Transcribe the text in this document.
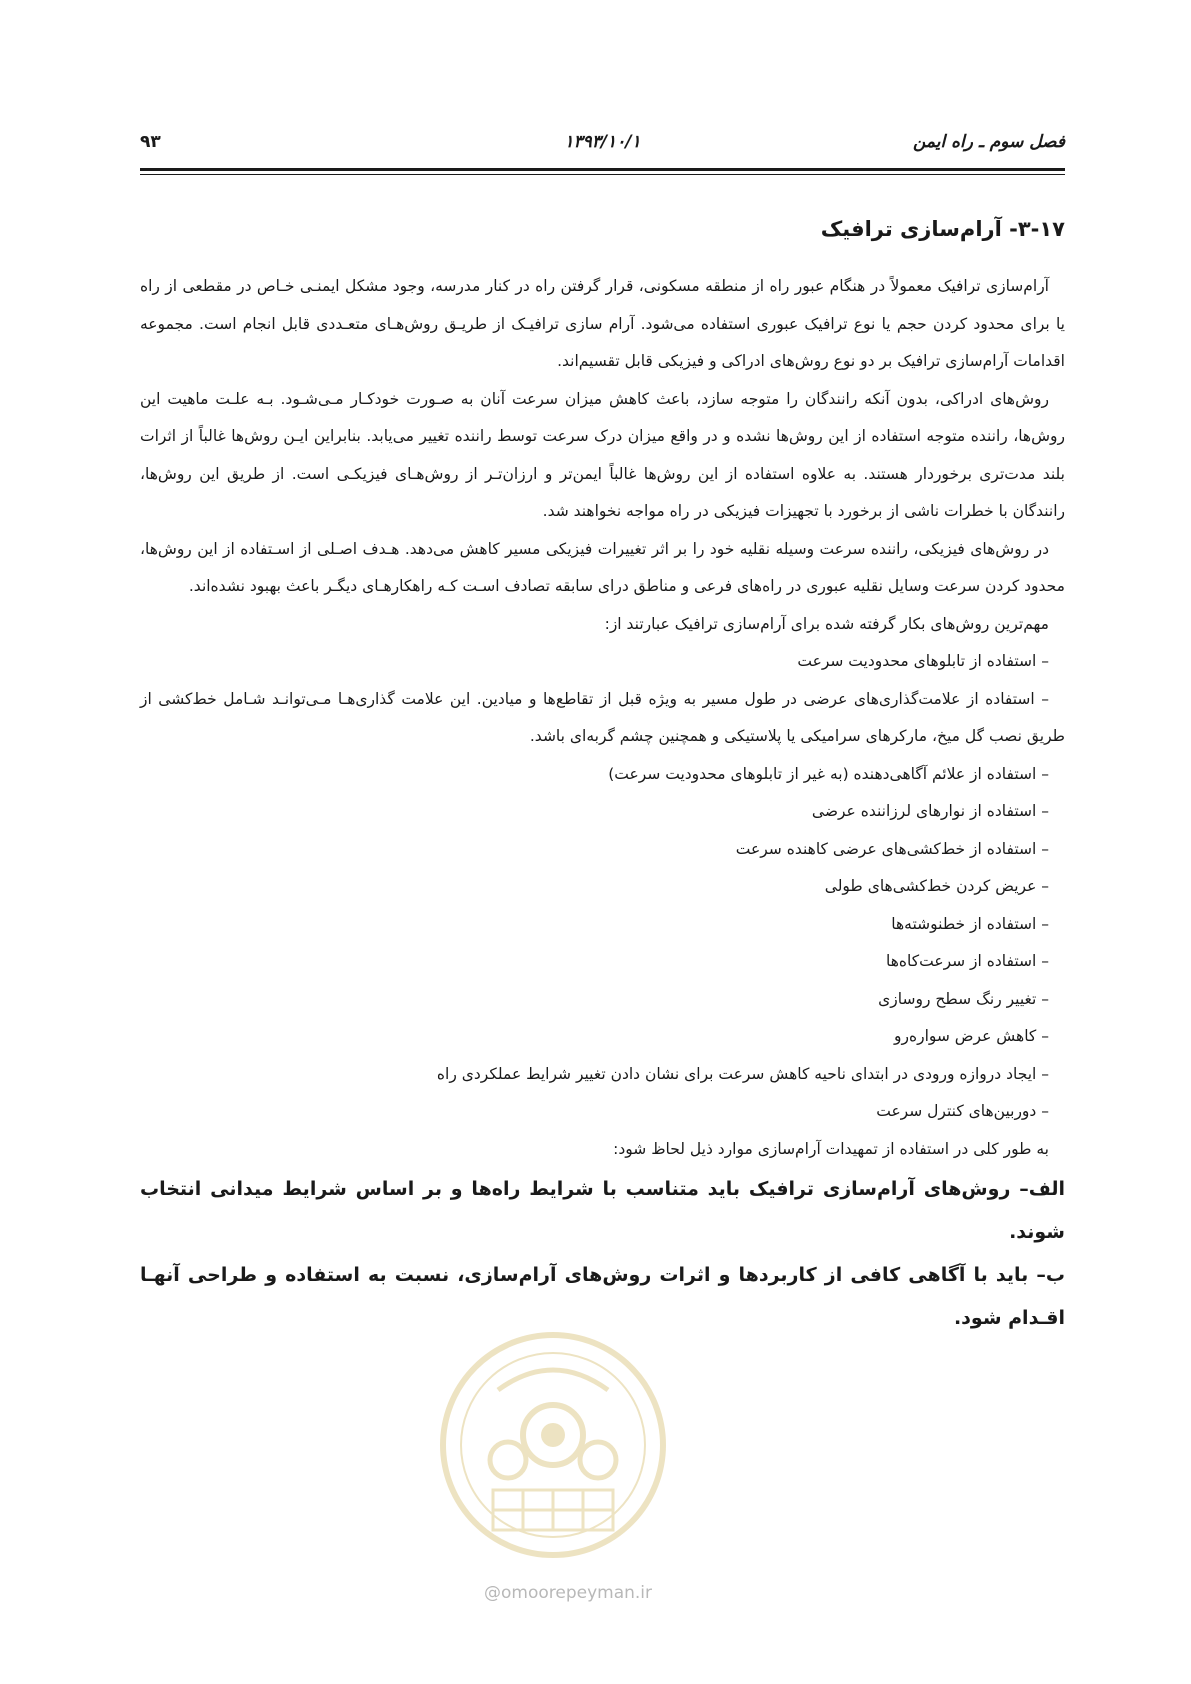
فصل سوم ـ راه ایمن
۱۳۹۳/۱۰/۱
۹۳
۳-۱۷- آرام‌سازی ترافیک

آرام‌سازی ترافیک معمولاً در هنگام عبور راه از منطقه مسکونی، قرار گرفتن راه در کنار مدرسه، وجود مشکل ایمنـی خـاص در مقطعی از راه یا برای محدود کردن حجم یا نوع ترافیک عبوری استفاده می‌شود. آرام سازی ترافیـک از طریـق روش‌هـای متعـددی قابل انجام است. مجموعه اقدامات آرام‌سازی ترافیک بر دو نوع روش‌های ادراکی و فیزیکی قابل تقسیم‌اند.

روش‌های ادراکی، بدون آنکه رانندگان را متوجه سازد، باعث کاهش میزان سرعت آنان به صـورت خودکـار مـی‌شـود. بـه علـت ماهیت این روش‌ها، راننده متوجه استفاده از این روش‌ها نشده و در واقع میزان درک سرعت توسط راننده تغییر می‌یابد. بنابراین ایـن روش‌ها غالباً از اثرات بلند مدت‌تری برخوردار هستند. به علاوه استفاده از این روش‌ها غالباً ایمن‌تر و ارزان‌تـر از روش‌هـای فیزیکـی است. از طریق این روش‌ها، رانندگان با خطرات ناشی از برخورد با تجهیزات فیزیکی در راه مواجه نخواهند شد.

در روش‌های فیزیکی، راننده سرعت وسیله نقلیه خود را بر اثر تغییرات فیزیکی مسیر کاهش می‌دهد. هـدف اصـلی از اسـتفاده از این روش‌ها، محدود کردن سرعت وسایل نقلیه عبوری در راه‌های فرعی و مناطق درای سابقه تصادف اسـت کـه راهکارهـای دیگـر باعث بهبود نشده‌اند.

مهم‌ترین روش‌های بکار گرفته شده برای آرام‌سازی ترافیک عبارتند از:

– استفاده از تابلوهای محدودیت سرعت
– استفاده از علامت‌گذاری‌های عرضی در طول مسیر به ویژه قبل از تقاطع‌ها و میادین. این علامت گذاری‌هـا مـی‌توانـد شـامل خط‌کشی از طریق نصب گل میخ، مارکرهای سرامیکی یا پلاستیکی و همچنین چشم گربه‌ای باشد.
– استفاده از علائم آگاهی‌دهنده (به غیر از تابلوهای محدودیت سرعت)
– استفاده از نوارهای لرزاننده عرضی
– استفاده از خط‌کشی‌های عرضی کاهنده سرعت
– عریض کردن خط‌کشی‌های طولی
– استفاده از خطنوشته‌ها
– استفاده از سرعت‌کاه‌ها
– تغییر رنگ سطح روسازی
– کاهش عرض سواره‌رو
– ایجاد دروازه ورودی در ابتدای ناحیه کاهش سرعت برای نشان دادن تغییر شرایط عملکردی راه
– دوربین‌های کنترل سرعت

به طور کلی در استفاده از تمهیدات آرام‌سازی موارد ذیل لحاظ شود:

الف– روش‌های آرام‌سازی ترافیک باید متناسب با شرایط راه‌ها و بر اساس شرایط میدانی انتخاب شوند.

ب– باید با آگاهی کافی از کاربردها و اثرات روش‌های آرام‌سازی، نسبت به استفاده و طراحی آنهـا اقـدام شود.

@omoorepeyman.ir
